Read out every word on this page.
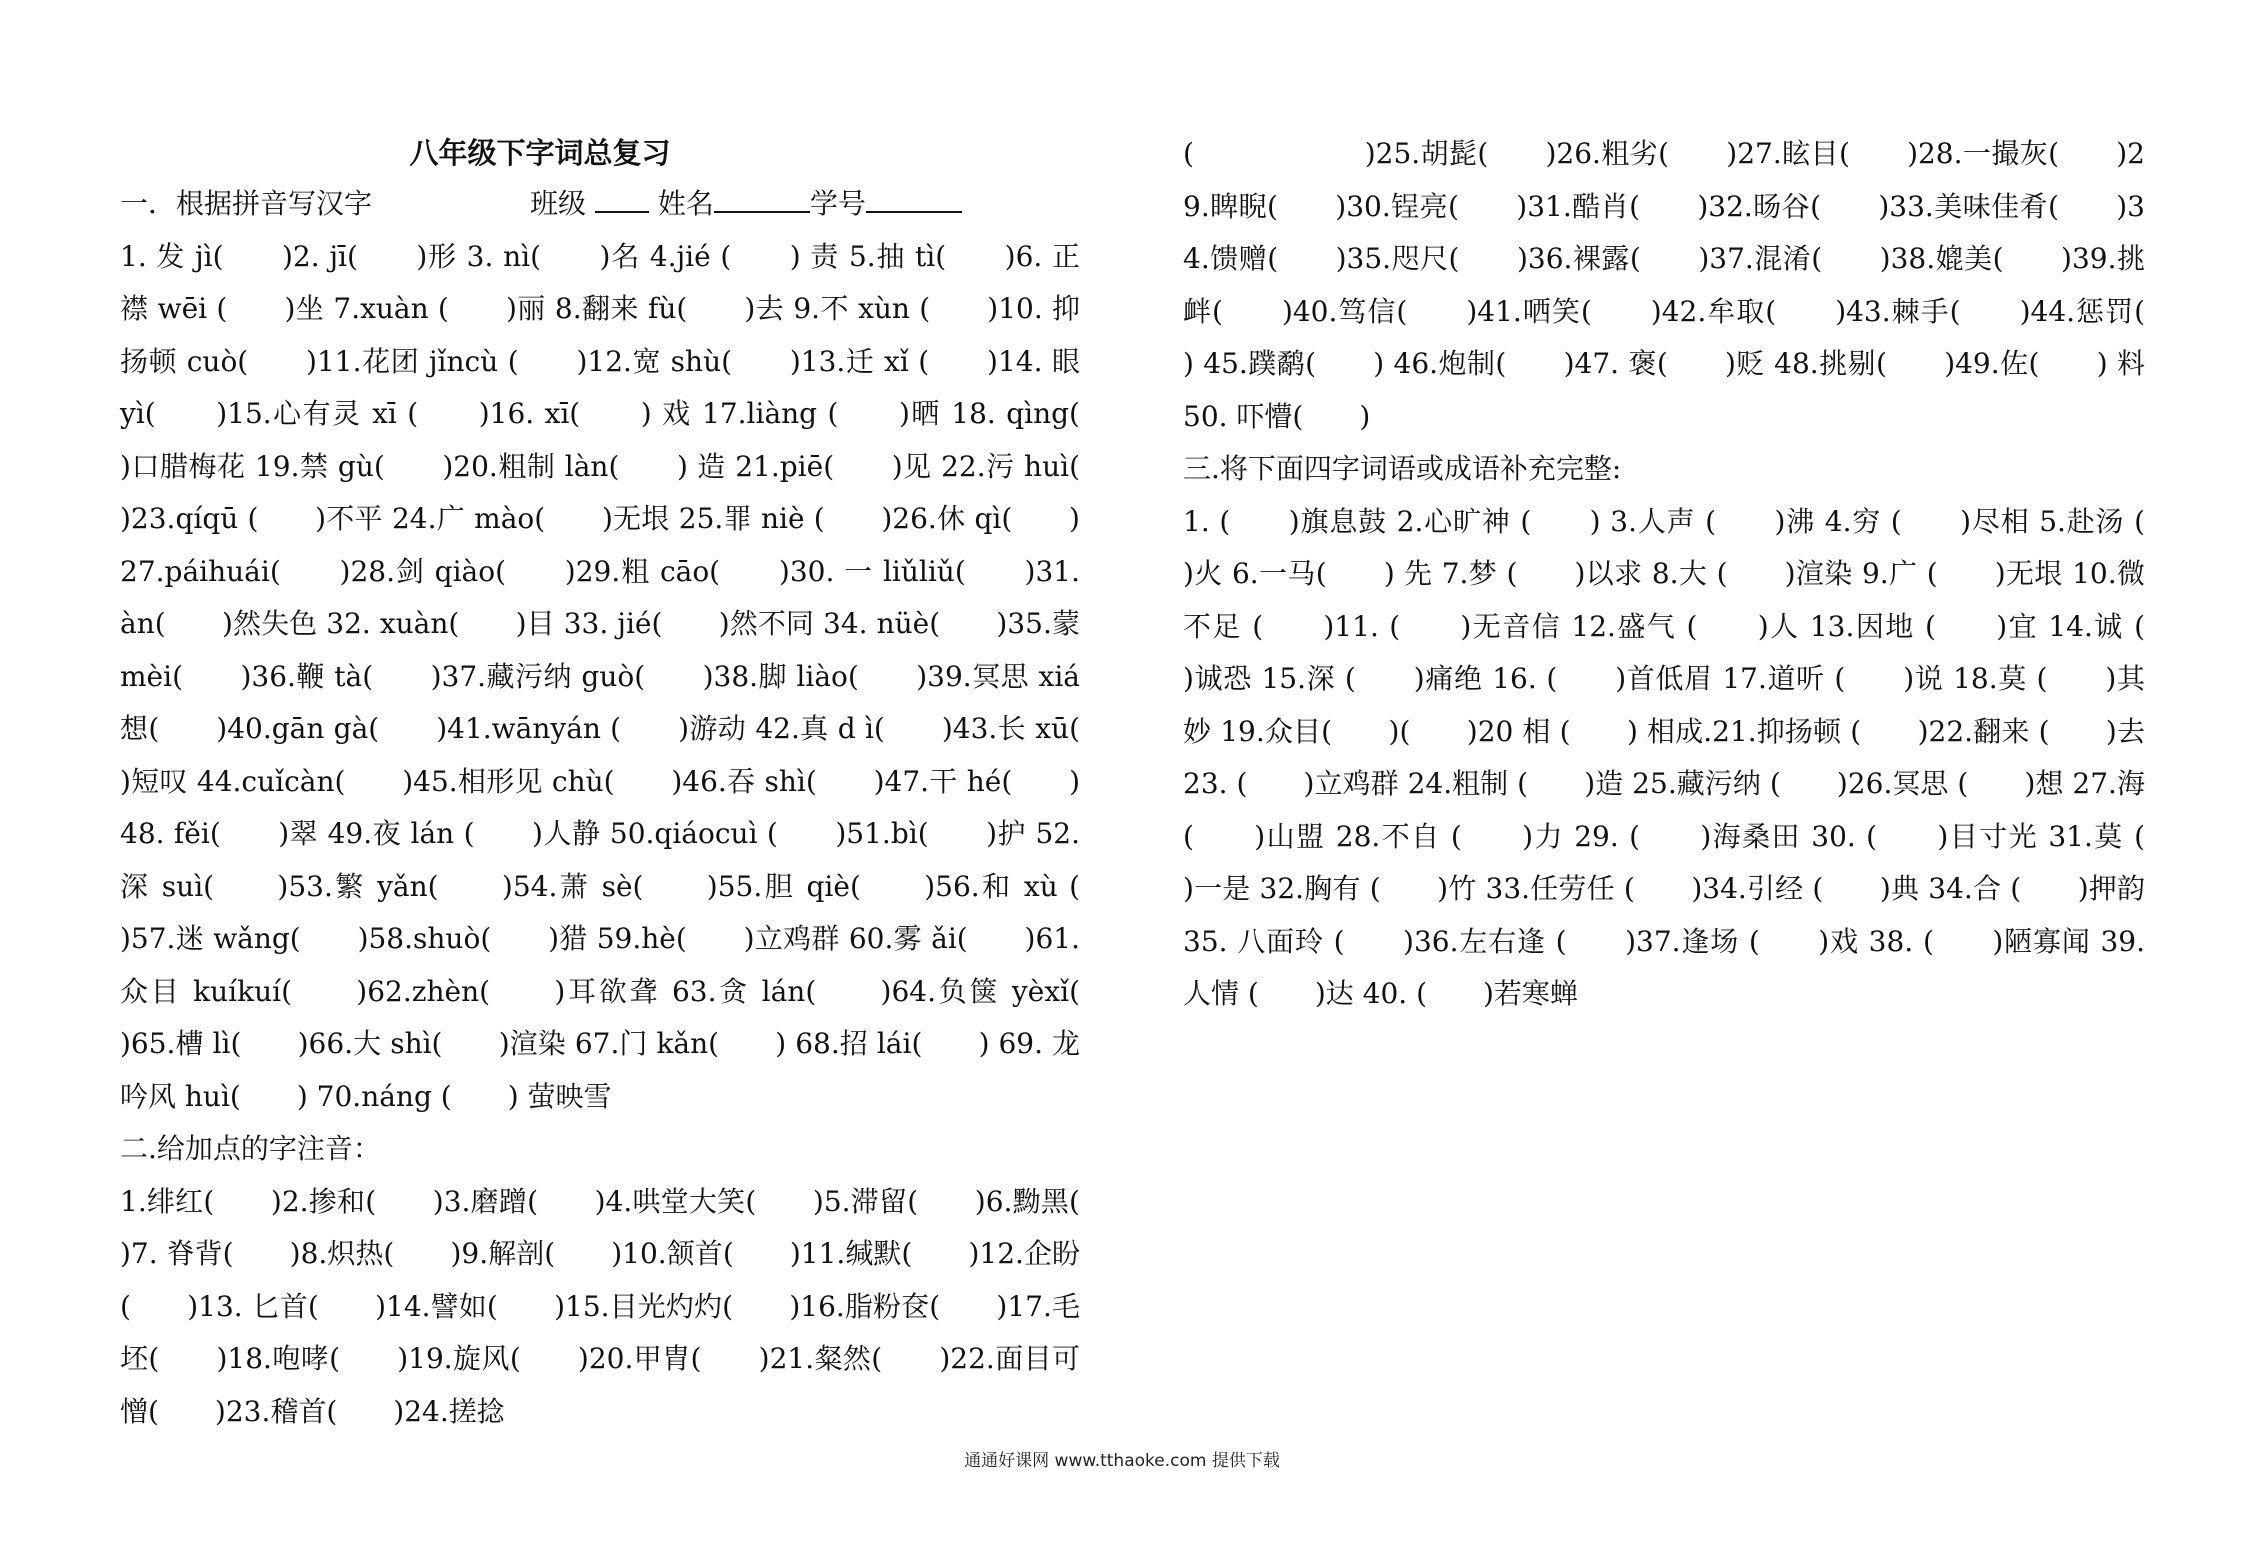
八年级下字词总复习
一．根据拼音写汉字	班级	姓名	学号

1. 发 jì(　　)2. jī(　　)形 3. nì(　　)名 4.jié (　　) 责 5.抽 tì(　　)6. 正襟 wēi (　　)坐 7.xuàn (　　)丽 8.翻来 fù(　　)去 9.不 xùn (　　)10. 抑扬顿 cuò(　　)11.花团 jǐncù (　　)12.宽 shù(　　)13.迁 xǐ (　　)14. 眼 yì(　　)15.心有灵 xī (　　)16. xī(　　) 戏 17.liàng (　　)晒 18. qìng(　　)口腊梅花 19.禁 gù(　　)20.粗制 làn(　　) 造 21.piē(　　)见 22.污 huì(　　)23.qíqū (　　)不平 24.广 mào(　　)无垠 25.罪 niè (　　)26.休 qì(　　)27.páihuái(　　)28.剑 qiào(　　)29.粗 cāo(　　)30. 一 liǔliǔ(　　)31. àn(　　)然失色 32. xuàn(　　)目 33. jié(　　)然不同 34. nüè(　　)35.蒙 mèi(　　)36.鞭 tà(　　)37.藏污纳 guò(　　)38.脚 liào(　　)39.冥思 xiá想(　　)40.gān gà(　　)41.wānyán (　　)游动 42.真 d ì(　　)43.长 xū(　　)短叹 44.cuǐcàn(　　)45.相形见 chù(　　)46.吞 shì(　　)47.干 hé(　　)48. fěi(　　)翠 49.夜 lán (　　)人静 50.qiáocuì (　　)51.bì(　　)护 52.深 suì(　　)53.繁 yǎn(　　)54.萧 sè(　　)55.胆 qiè(　　)56.和 xù (　　)57.迷 wǎng(　　)58.shuò(　　)猎 59.hè(　　)立鸡群 60.雾 ǎi(　　)61.众目 kuíkuí(　　)62.zhèn(　　)耳欲聋 63.贪 lán(　　)64.负箧 yèxǐ(　　)65.槽 lì(　　)66.大 shì(　　)渲染 67.门 kǎn(　　) 68.招 lái(　　) 69. 龙吟风 huì(　　) 70.náng (　　) 萤映雪

二.给加点的字注音：

1.绯红(　　)2.掺和(　　)3.磨蹭(　　)4.哄堂大笑(　　)5.滞留(　　)6.黝黑(　　)7. 脊背(　　)8.炽热(　　)9.解剖(　　)10.颔首(　　)11.缄默(　　)12.企盼(　　)13. 匕首(　　)14.譬如(　　)15.目光灼灼(　　)16.脂粉奁(　　)17.毛坯(　　)18.咆哮(　　)19.旋风(　　)20.甲胄(　　)21.粲然(　　)22.面目可憎(　　)23.稽首(　　)24.搓捻

(　　　　　　)25.胡髭(　　)26.粗劣(　　)27.眩目(　　)28.一撮灰(　　)29.睥睨(　　)30.锃亮(　　)31.酷肖(　　)32.旸谷(　　)33.美味佳肴(　　)34.馈赠(　　)35.咫尺(　　)36.裸露(　　)37.混淆(　　)38.媲美(　　)39.挑衅(　　)40.笃信(　　)41.哂笑(　　)42.牟取(　　)43.棘手(　　)44.惩罚(　　) 45.蹼鹬(　　) 46.炮制(　　)47. 褒(　　)贬 48.挑剔(　　)49.佐(　　) 料 50. 吓懵(　　)

三.将下面四字词语或成语补充完整:

1. (　　)旗息鼓 2.心旷神 (　　) 3.人声 (　　)沸 4.穷 (　　)尽相 5.赴汤 (　　)火 6.一马(　　) 先 7.梦 (　　)以求 8.大 (　　)渲染 9.广 (　　)无垠 10.微不足 (　　)11. (　　)无音信 12.盛气 (　　)人 13.因地 (　　)宜 14.诚 (　　)诚恐 15.深 (　　)痛绝 16. (　　)首低眉 17.道听 (　　)说 18.莫 (　　)其妙 19.众目(　　)(　　)20 相 (　　) 相成.21.抑扬顿 (　　)22.翻来 (　　)去 23. (　　)立鸡群 24.粗制 (　　)造 25.藏污纳 (　　)26.冥思 (　　)想 27.海 (　　)山盟 28.不自 (　　)力 29. (　　)海桑田 30. (　　)目寸光 31.莫 (　　)一是 32.胸有 (　　)竹 33.任劳任 (　　)34.引经 (　　)典 34.合 (　　)押韵 35. 八面玲 (　　)36.左右逢 (　　)37.逢场 (　　)戏 38. (　　)陋寡闻 39. 人情 (　　)达 40. (　　)若寒蝉

通通好课网 www.tthaoke.com 提供下载
